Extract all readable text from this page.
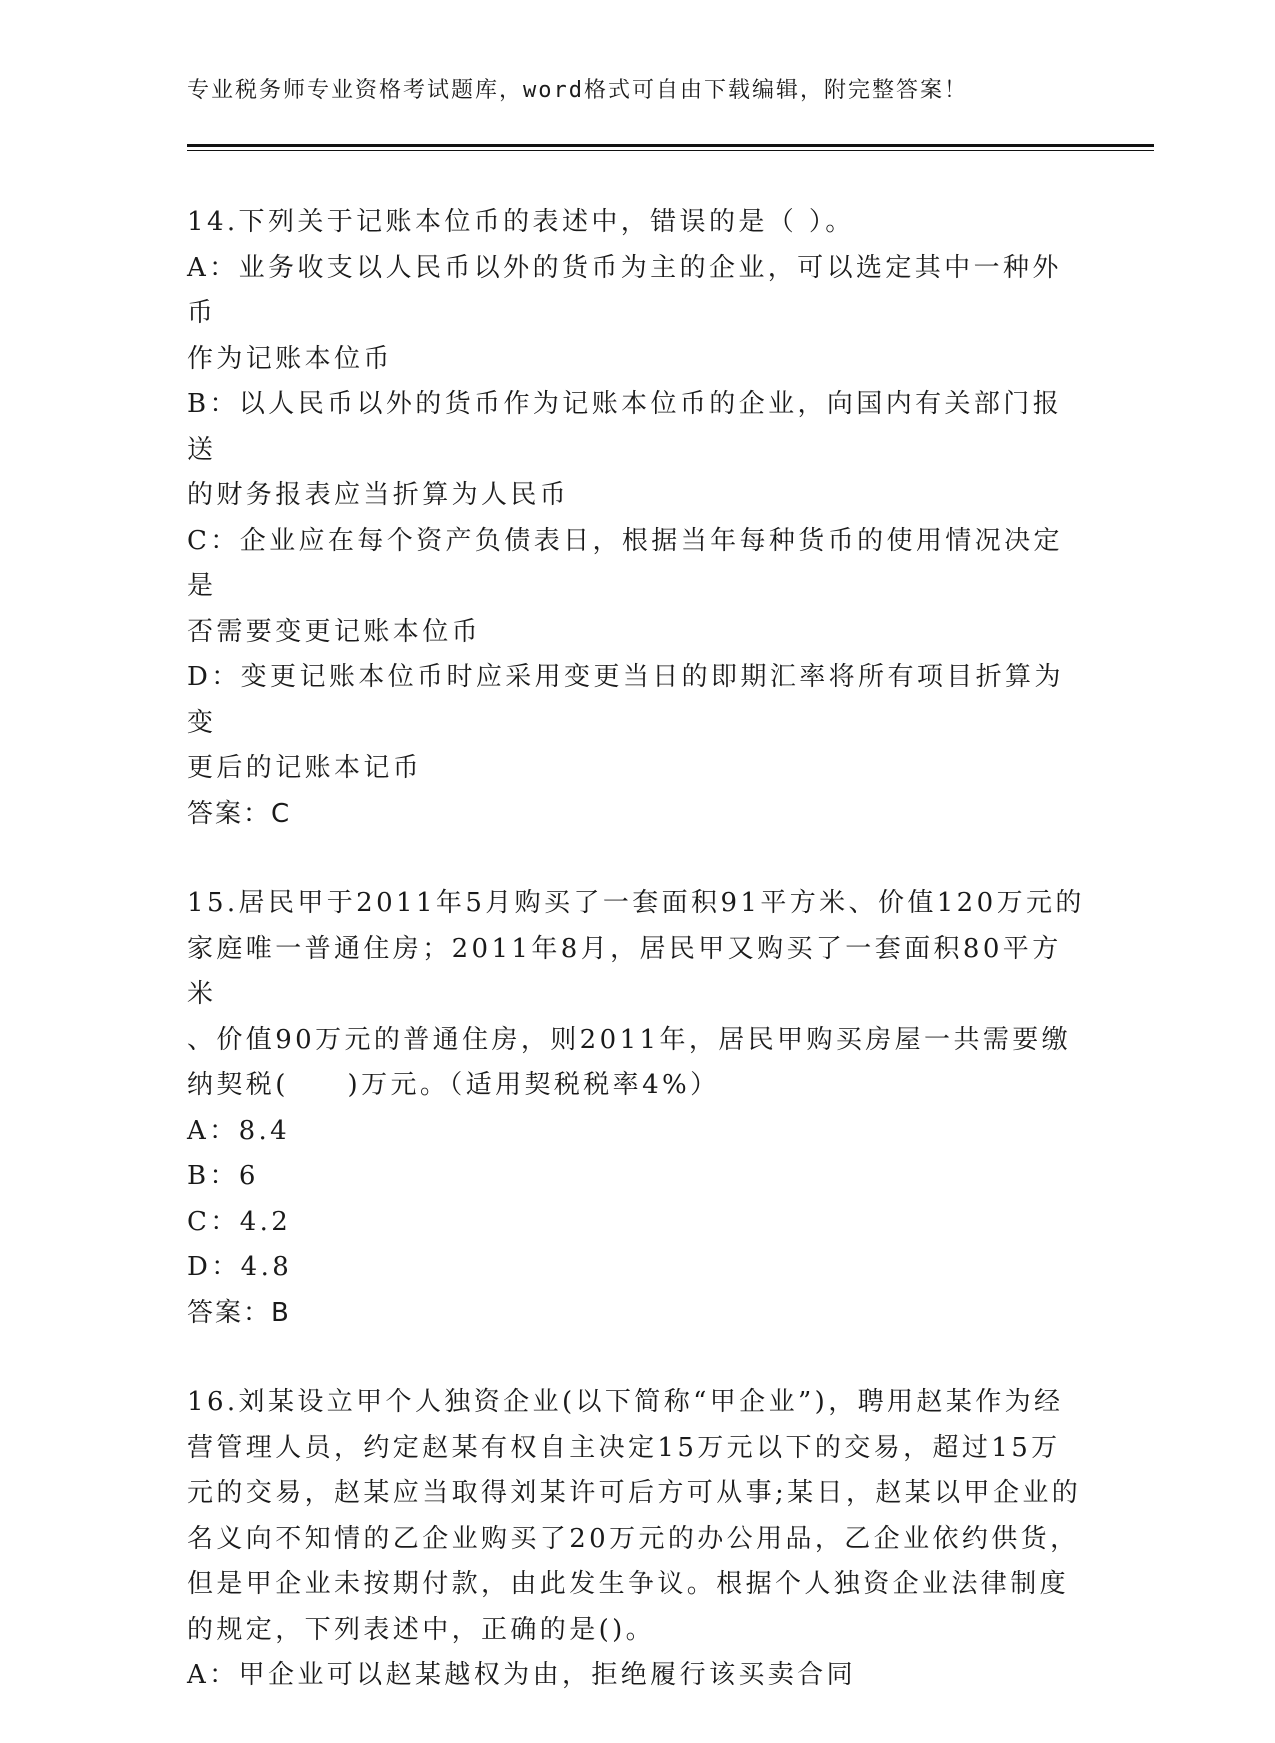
专业税务师专业资格考试题库，word格式可自由下载编辑，附完整答案！

14.下列关于记账本位币的表述中，错误的是（ ）。

A：业务收支以人民币以外的货币为主的企业，可以选定其中一种外币

作为记账本位币

B：以人民币以外的货币作为记账本位币的企业，向国内有关部门报送

的财务报表应当折算为人民币

C：企业应在每个资产负债表日，根据当年每种货币的使用情况决定是

否需要变更记账本位币

D：变更记账本位币时应采用变更当日的即期汇率将所有项目折算为变

更后的记账本记币

答案：C

15.居民甲于2011年5月购买了一套面积91平方米、价值120万元的

家庭唯一普通住房；2011年8月，居民甲又购买了一套面积80平方米

、价值90万元的普通住房，则2011年，居民甲购买房屋一共需要缴

纳契税(　　)万元。（适用契税税率4%）

A：8.4

B：6

C：4.2

D：4.8

答案：B

16.刘某设立甲个人独资企业(以下简称“甲企业”)，聘用赵某作为经

营管理人员，约定赵某有权自主决定15万元以下的交易，超过15万

元的交易，赵某应当取得刘某许可后方可从事;某日，赵某以甲企业的

名义向不知情的乙企业购买了20万元的办公用品，乙企业依约供货，

但是甲企业未按期付款，由此发生争议。根据个人独资企业法律制度

的规定，下列表述中，正确的是()。

A：甲企业可以赵某越权为由，拒绝履行该买卖合同
